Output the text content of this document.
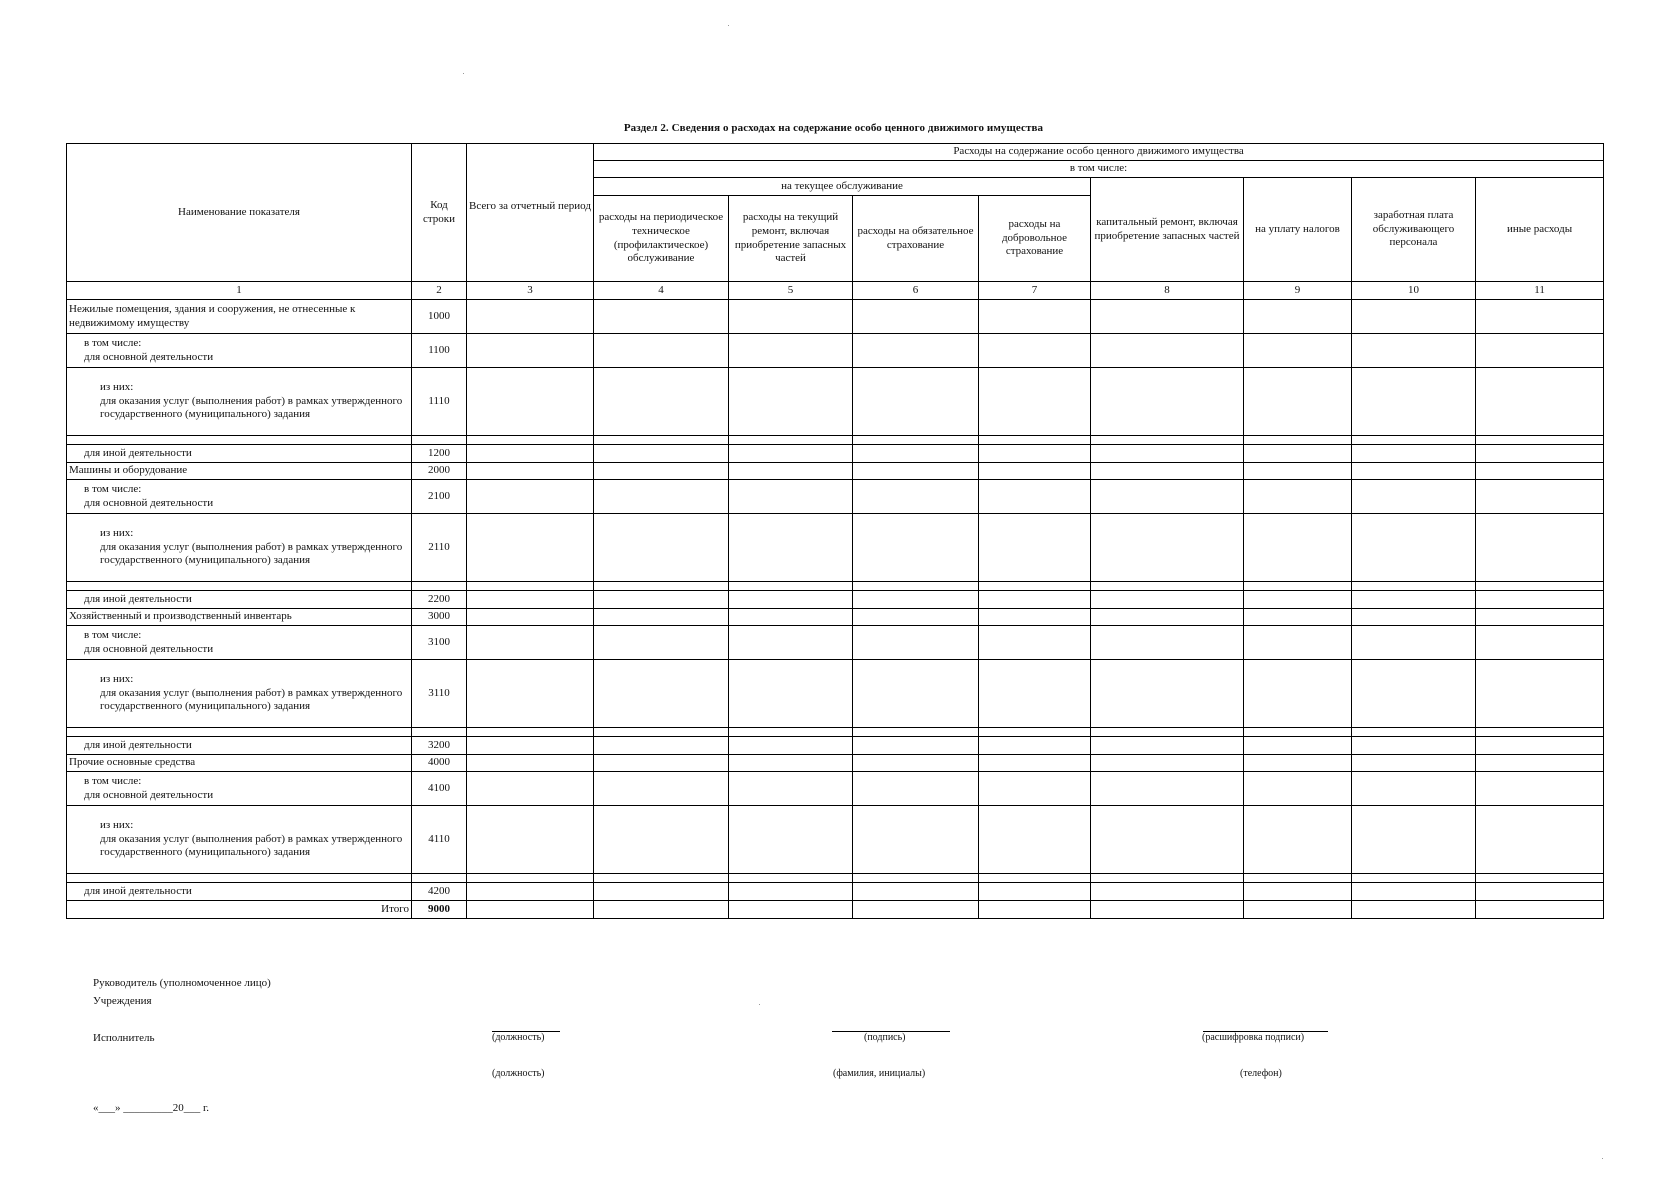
Раздел 2. Сведения о расходах на содержание особо ценного движимого имущества
Наименование показателя	Код строки	Всего за отчетный период	Расходы на содержание особо ценного движимого имущества							
			в том числе:							
			на текущее обслуживание				капитальный ремонт, включая приобретение запасных частей	на уплату налогов	заработная плата обслуживающего персонала	иные расходы
			расходы на периодическое техническое (профилактическое) обслуживание	расходы на текущий ремонт, включая приобретение запасных частей	расходы на обязательное страхование	расходы на добровольное страхование				
1	2	3	4	5	6	7	8	9	10	11
Нежилые помещения, здания и сооружения, не отнесенные к недвижимому имуществу	1000									

в том числе:
для основной деятельности	1100									

из них:
для оказания услуг (выполнения работ) в рамках утвержденного государственного (муниципального) задания	1110									

для иной деятельности	1200									
Машины и оборудование	2000									

в том числе:
для основной деятельности	2100									

из них:
для оказания услуг (выполнения работ) в рамках утвержденного государственного (муниципального) задания	2110									

для иной деятельности	2200									
Хозяйственный и производственный инвентарь	3000									

в том числе:
для основной деятельности	3100									

из них:
для оказания услуг (выполнения работ) в рамках утвержденного государственного (муниципального) задания	3110									

для иной деятельности	3200									
Прочие основные средства	4000									

в том числе:
для основной деятельности	4100									

из них:
для оказания услуг (выполнения работ) в рамках утвержденного государственного (муниципального) задания	4110									

для иной деятельности	4200									
Итого	9000									
Руководитель (уполномоченное лицо)
Учреждения
Исполнитель	(должность)	(подпись)	(расшифровка подписи)
(должность)	(фамилия, инициалы)	(телефон)
«___» _________20___ г.
